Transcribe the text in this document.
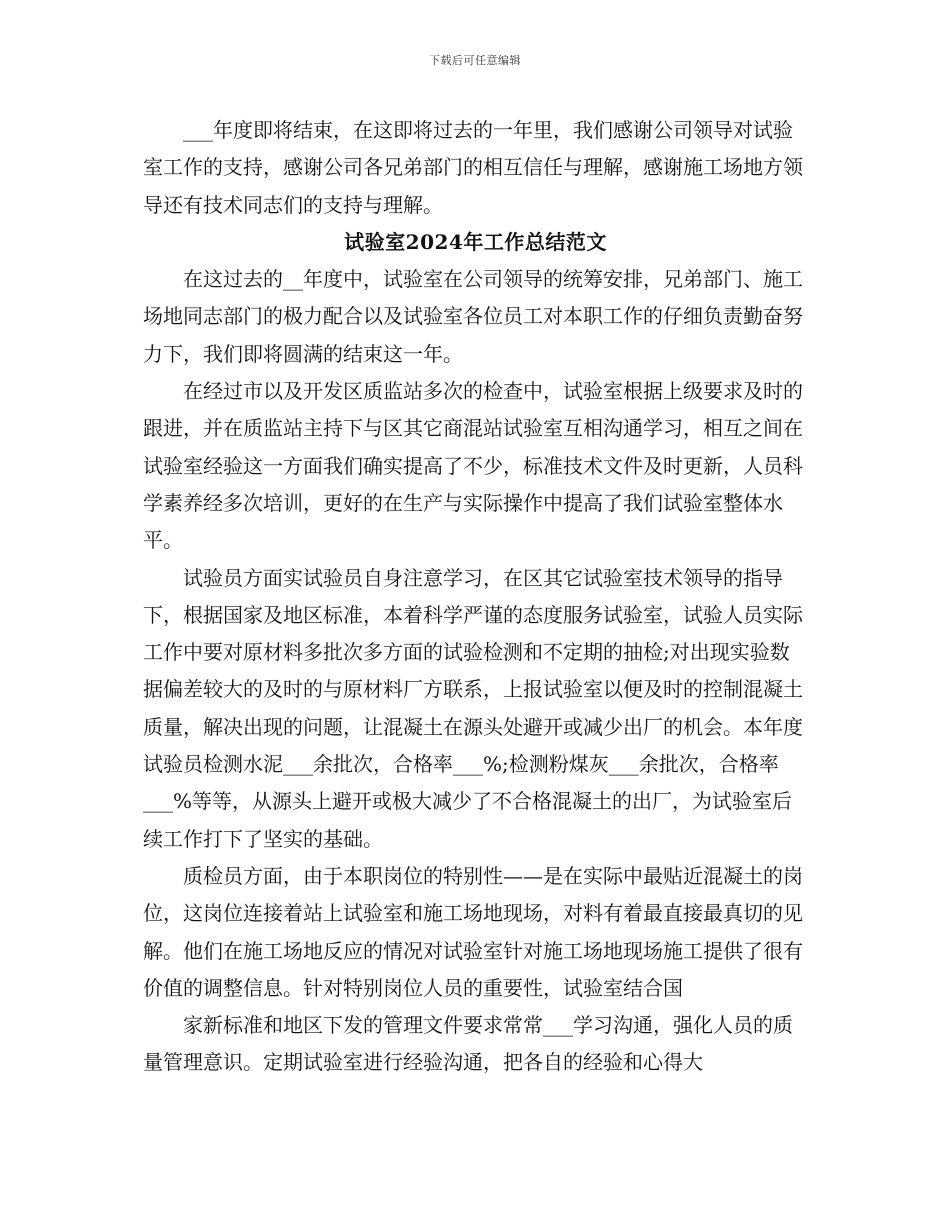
下载后可任意编辑

___年度即将结束，在这即将过去的一年里，我们感谢公司领导对试验室工作的支持，感谢公司各兄弟部门的相互信任与理解，感谢施工场地方领导还有技术同志们的支持与理解。

试验室2024年工作总结范文

在这过去的__年度中，试验室在公司领导的统筹安排，兄弟部门、施工场地同志部门的极力配合以及试验室各位员工对本职工作的仔细负责勤奋努力下，我们即将圆满的结束这一年。

在经过市以及开发区质监站多次的检查中，试验室根据上级要求及时的跟进，并在质监站主持下与区其它商混站试验室互相沟通学习，相互之间在试验室经验这一方面我们确实提高了不少，标准技术文件及时更新，人员科学素养经多次培训，更好的在生产与实际操作中提高了我们试验室整体水平。

试验员方面实试验员自身注意学习，在区其它试验室技术领导的指导下，根据国家及地区标准，本着科学严谨的态度服务试验室，试验人员实际工作中要对原材料多批次多方面的试验检测和不定期的抽检;对出现实验数据偏差较大的及时的与原材料厂方联系，上报试验室以便及时的控制混凝土质量，解决出现的问题，让混凝土在源头处避开或减少出厂的机会。本年度试验员检测水泥___余批次，合格率___%;检测粉煤灰___余批次，合格率___%等等，从源头上避开或极大减少了不合格混凝土的出厂，为试验室后续工作打下了坚实的基础。

质检员方面，由于本职岗位的特别性——是在实际中最贴近混凝土的岗位，这岗位连接着站上试验室和施工场地现场，对料有着最直接最真切的见解。他们在施工场地反应的情况对试验室针对施工场地现场施工提供了很有价值的调整信息。针对特别岗位人员的重要性，试验室结合国

家新标准和地区下发的管理文件要求常常___学习沟通，强化人员的质量管理意识。定期试验室进行经验沟通，把各自的经验和心得大
